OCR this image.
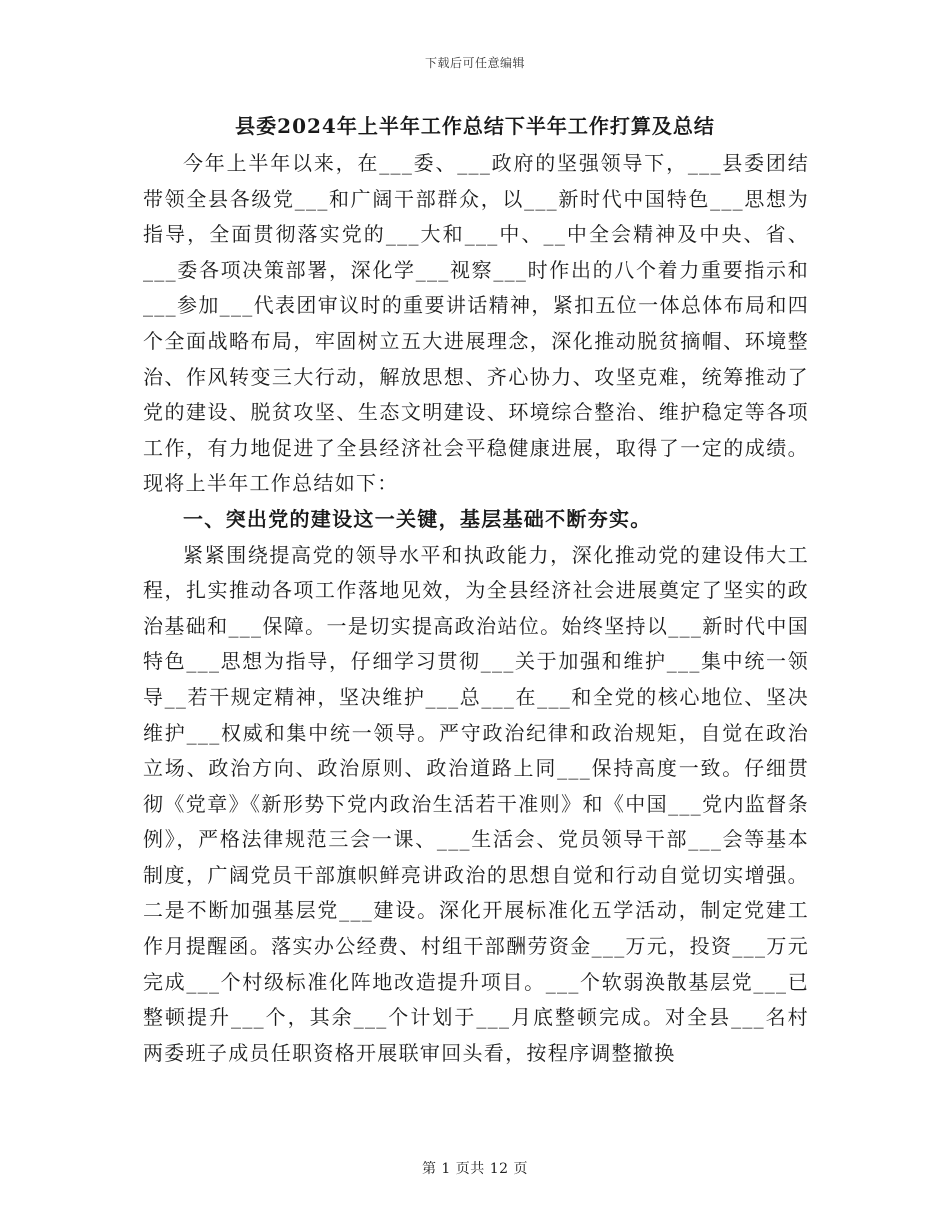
下载后可任意编辑
县委2024年上半年工作总结下半年工作打算及总结

今年上半年以来，在___委、___政府的坚强领导下，___县委团结带领全县各级党___和广阔干部群众，以___新时代中国特色___思想为指导，全面贯彻落实党的___大和___中、__中全会精神及中央、省、___委各项决策部署，深化学___视察___时作出的八个着力重要指示和___参加___代表团审议时的重要讲话精神，紧扣五位一体总体布局和四个全面战略布局，牢固树立五大进展理念，深化推动脱贫摘帽、环境整治、作风转变三大行动，解放思想、齐心协力、攻坚克难，统筹推动了党的建设、脱贫攻坚、生态文明建设、环境综合整治、维护稳定等各项工作，有力地促进了全县经济社会平稳健康进展，取得了一定的成绩。现将上半年工作总结如下：

一、突出党的建设这一关键，基层基础不断夯实。

紧紧围绕提高党的领导水平和执政能力，深化推动党的建设伟大工程，扎实推动各项工作落地见效，为全县经济社会进展奠定了坚实的政治基础和___保障。一是切实提高政治站位。始终坚持以___新时代中国特色___思想为指导，仔细学习贯彻___关于加强和维护___集中统一领导__若干规定精神，坚决维护___总___在___和全党的核心地位、坚决维护___权威和集中统一领导。严守政治纪律和政治规矩，自觉在政治立场、政治方向、政治原则、政治道路上同___保持高度一致。仔细贯彻《党章》《新形势下党内政治生活若干准则》和《中国___党内监督条例》，严格法律规范三会一课、___生活会、党员领导干部___会等基本制度，广阔党员干部旗帜鲜亮讲政治的思想自觉和行动自觉切实增强。二是不断加强基层党___建设。深化开展标准化五学活动，制定党建工作月提醒函。落实办公经费、村组干部酬劳资金___万元，投资___万元完成___个村级标准化阵地改造提升项目。___个软弱涣散基层党___已整顿提升___个，其余___个计划于___月底整顿完成。对全县___名村两委班子成员任职资格开展联审回头看，按程序调整撤换

第 1 页共 12 页
